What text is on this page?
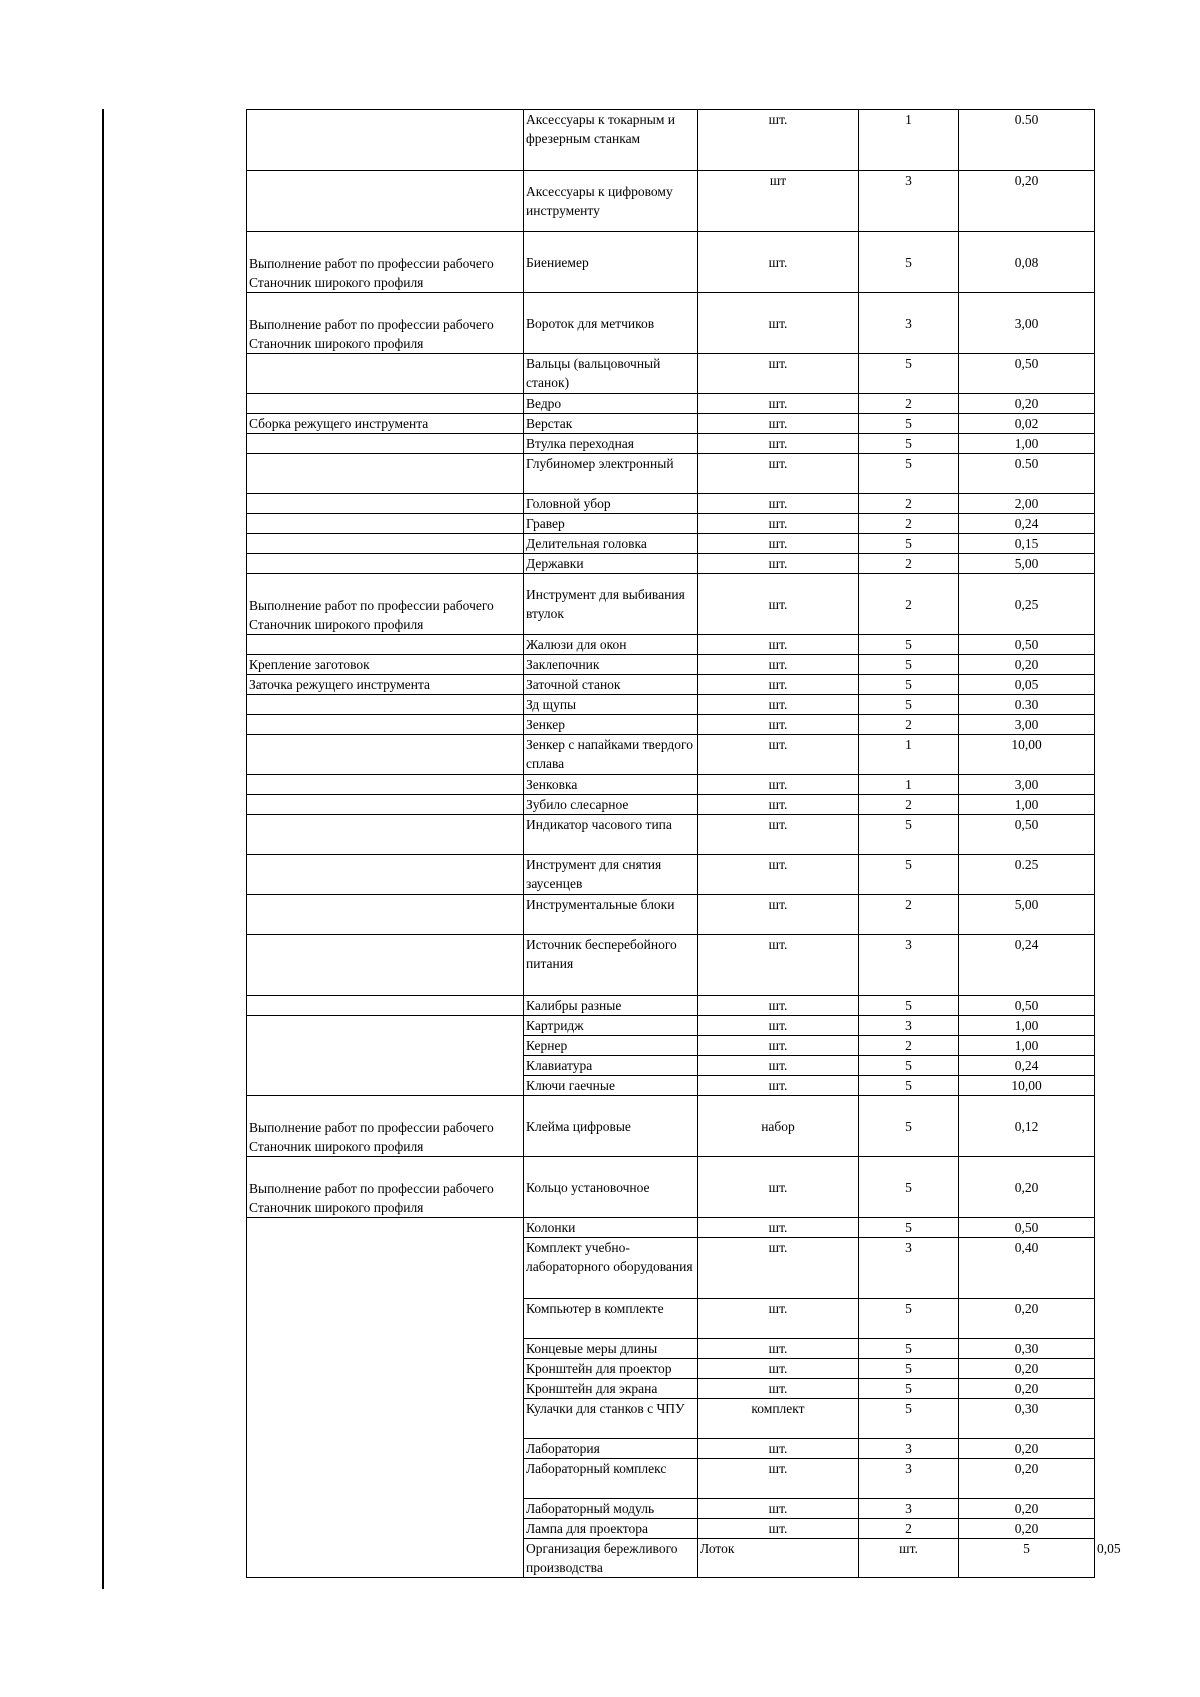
	Аксессуары к токарным и фрезерным станкам	шт.	1	0.50	
	Аксессуары к цифровому инструменту	шт	3	0,20	
Выполнение работ по профессии рабочего Станочник широкого профиля	Биениемер	шт.	5	0,08	
Выполнение работ по профессии рабочего Станочник широкого профиля	Вороток для метчиков	шт.	3	3,00	
	Вальцы (вальцовочный станок)	шт.	5	0,50	
	Ведро	шт.	2	0,20	
Сборка режущего инструмента	Верстак	шт.	5	0,02	
	Втулка переходная	шт.	5	1,00	
	Глубиномер электронный	шт.	5	0.50	
	Головной убор	шт.	2	2,00	
	Гравер	шт.	2	0,24	
	Делительная головка	шт.	5	0,15	
	Державки	шт.	2	5,00	
Выполнение работ по профессии рабочего Станочник широкого профиля	Инструмент для выбивания втулок	шт.	2	0,25	
	Жалюзи для окон	шт.	5	0,50	
Крепление заготовок	Заклепочник	шт.	5	0,20	
Заточка режущего инструмента	Заточной станок	шт.	5	0,05	
	Зд щупы	шт.	5	0.30	
	Зенкер	шт.	2	3,00	
	Зенкер с напайками твердого сплава	шт.	1	10,00	
	Зенковка	шт.	1	3,00	
	Зубило слесарное	шт.	2	1,00	
	Индикатор часового типа	шт.	5	0,50	
	Инструмент для снятия заусенцев	шт.	5	0.25	
	Инструментальные блоки	шт.	2	5,00	
	Источник бесперебойного питания	шт.	3	0,24	
	Калибры разные	шт.	5	0,50	
	Картридж	шт.	3	1,00	
	Кернер	шт.	2	1,00	
	Клавиатура	шт.	5	0,24	
	Ключи гаечные	шт.	5	10,00	
Выполнение работ по профессии рабочего Станочник широкого профиля	Клейма цифровые	набор	5	0,12	
Выполнение работ по профессии рабочего Станочник широкого профиля	Кольцо установочное	шт.	5	0,20	
	Колонки	шт.	5	0,50	
	Комплект учебно-лабораторного оборудования	шт.	3	0,40	
	Компьютер в комплекте	шт.	5	0,20	
	Концевые меры длины	шт.	5	0,30	
	Кронштейн для проектор	шт.	5	0,20	
	Кронштейн для экрана	шт.	5	0,20	
	Кулачки для станков с ЧПУ	комплект	5	0,30	
	Лаборатория	шт.	3	0,20	
	Лабораторный комплекс	шт.	3	0,20	
	Лабораторный модуль	шт.	3	0,20	
	Лампа для проектора	шт.	2	0,20	
	Организация бережливого производства	Лоток	шт.	5	0,05
